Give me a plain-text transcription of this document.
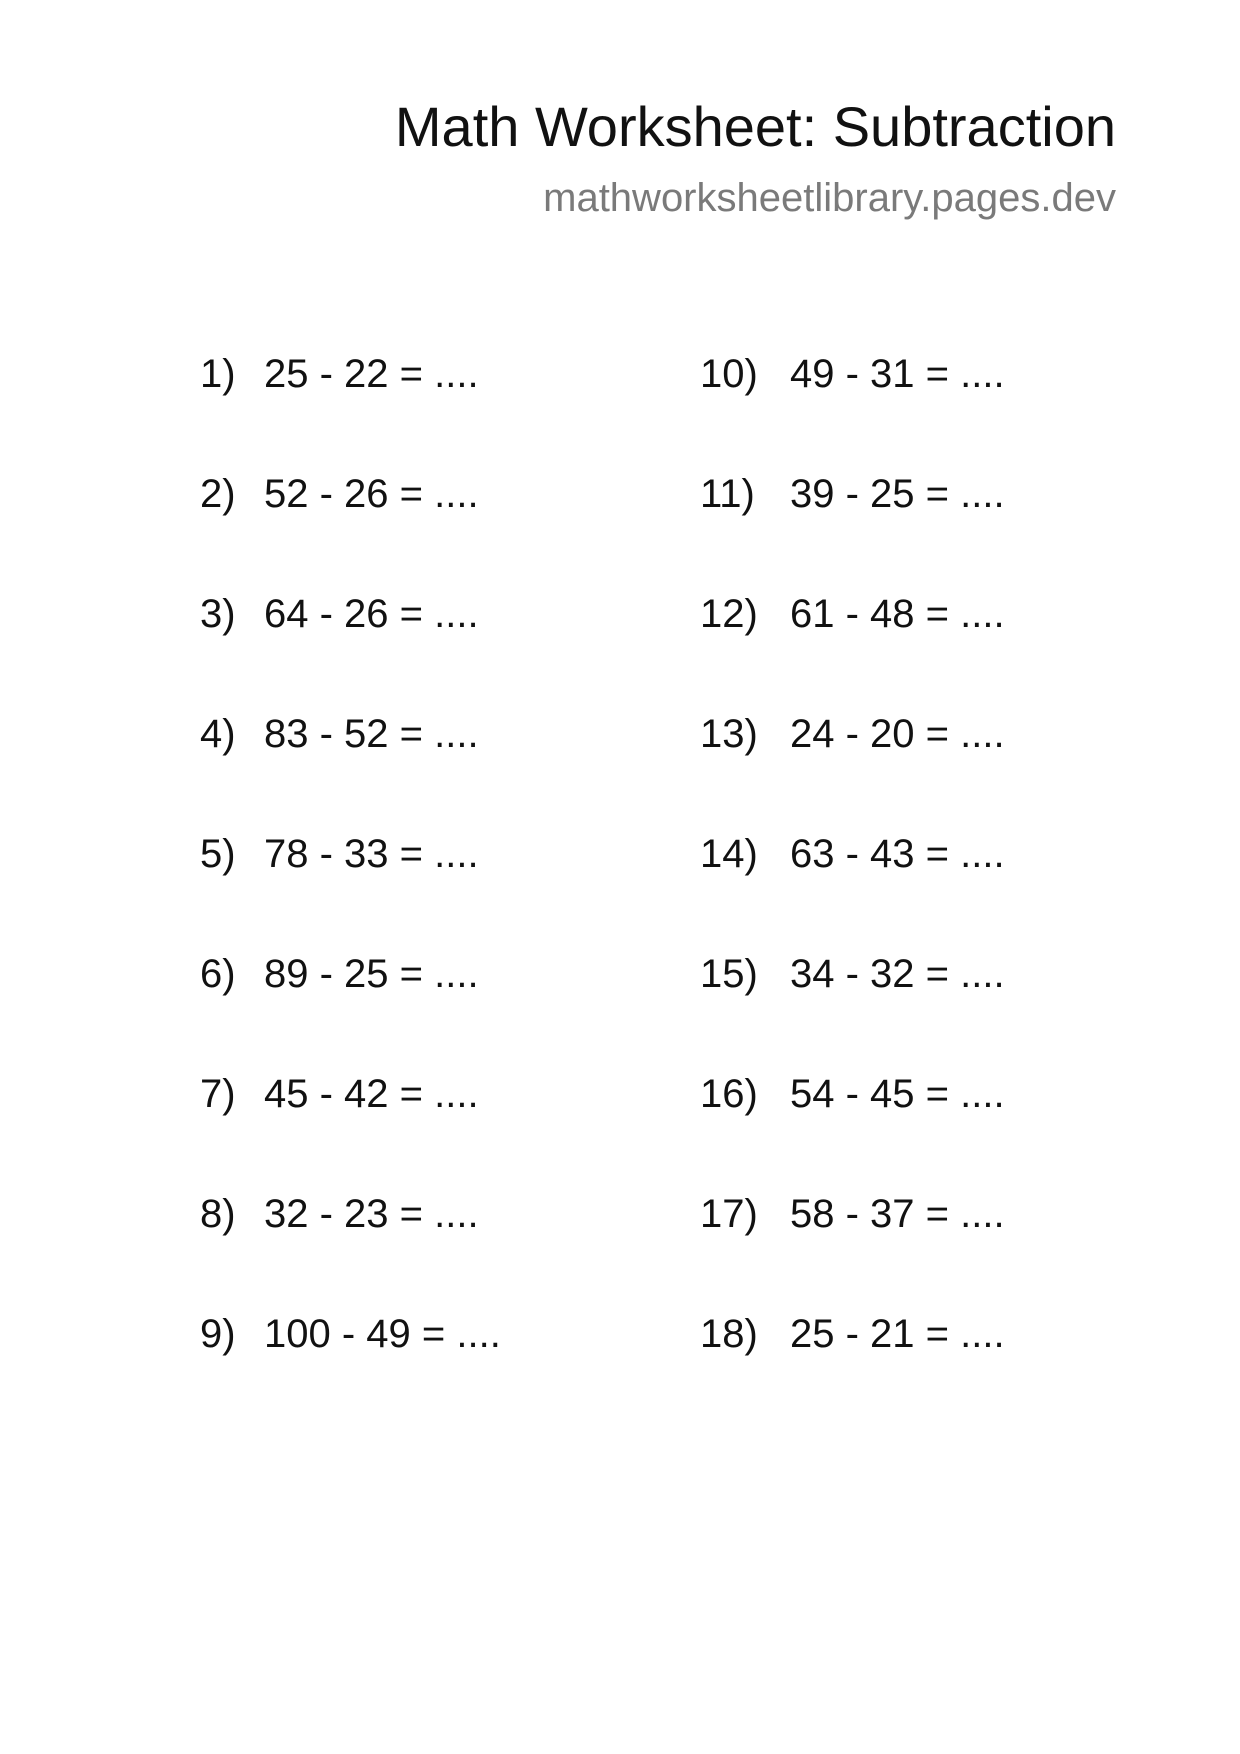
Math Worksheet: Subtraction
mathworksheetlibrary.pages.dev
1) 25 - 22 = ....
2) 52 - 26 = ....
3) 64 - 26 = ....
4) 83 - 52 = ....
5) 78 - 33 = ....
6) 89 - 25 = ....
7) 45 - 42 = ....
8) 32 - 23 = ....
9) 100 - 49 = ....
10) 49 - 31 = ....
11) 39 - 25 = ....
12) 61 - 48 = ....
13) 24 - 20 = ....
14) 63 - 43 = ....
15) 34 - 32 = ....
16) 54 - 45 = ....
17) 58 - 37 = ....
18) 25 - 21 = ....
